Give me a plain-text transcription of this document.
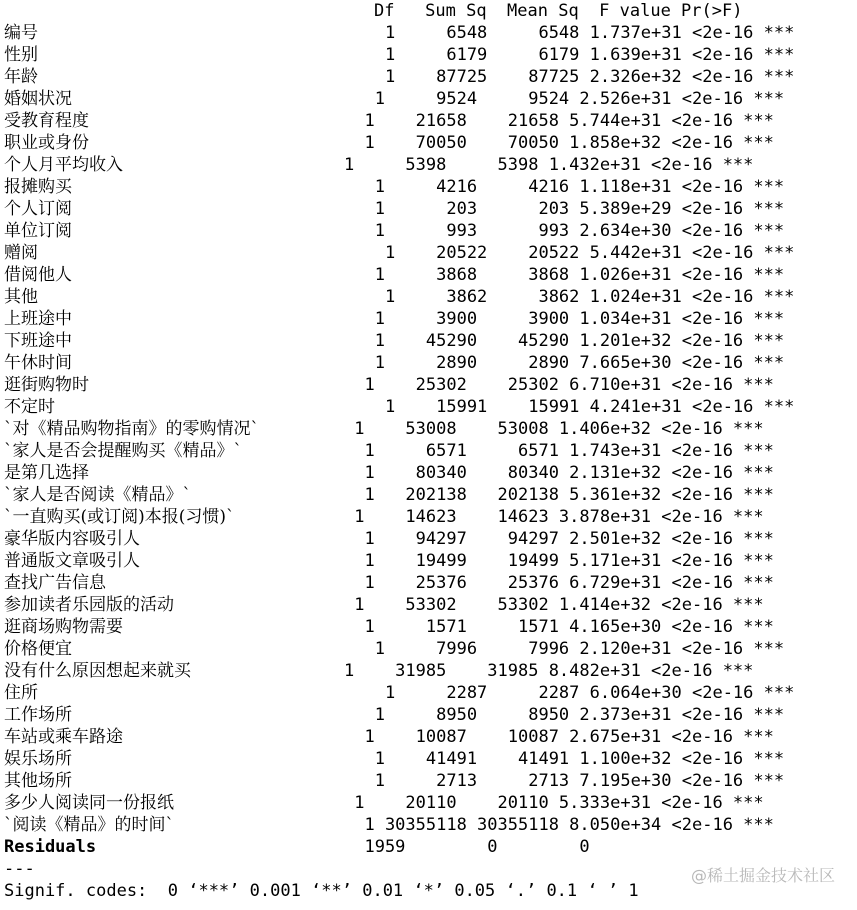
Df   Sum Sq  Mean Sq  F value Pr(>F)
编号	1     6548     6548 1.737e+31 <2e-16 ***
性别	1     6179     6179 1.639e+31 <2e-16 ***
年龄	1    87725    87725 2.326e+32 <2e-16 ***
婚姻状况	1     9524     9524 2.526e+31 <2e-16 ***
受教育程度	1    21658    21658 5.744e+31 <2e-16 ***
职业或身份	1    70050    70050 1.858e+32 <2e-16 ***
个人月平均收入	1     5398     5398 1.432e+31 <2e-16 ***
报摊购买	1     4216     4216 1.118e+31 <2e-16 ***
个人订阅	1      203      203 5.389e+29 <2e-16 ***
单位订阅	1      993      993 2.634e+30 <2e-16 ***
赠阅	1    20522    20522 5.442e+31 <2e-16 ***
借阅他人	1     3868     3868 1.026e+31 <2e-16 ***
其他	1     3862     3862 1.024e+31 <2e-16 ***
上班途中	1     3900     3900 1.034e+31 <2e-16 ***
下班途中	1    45290    45290 1.201e+32 <2e-16 ***
午休时间	1     2890     2890 7.665e+30 <2e-16 ***
逛街购物时	1    25302    25302 6.710e+31 <2e-16 ***
不定时	1    15991    15991 4.241e+31 <2e-16 ***
`对《精品购物指南》的零购情况`	1    53008    53008 1.406e+32 <2e-16 ***
`家人是否会提醒购买《精品》`	1     6571     6571 1.743e+31 <2e-16 ***
是第几选择	1    80340    80340 2.131e+32 <2e-16 ***
`家人是否阅读《精品》`	1   202138   202138 5.361e+32 <2e-16 ***
`一直购买(或订阅)本报(习惯)`	1    14623    14623 3.878e+31 <2e-16 ***
豪华版内容吸引人	1    94297    94297 2.501e+32 <2e-16 ***
普通版文章吸引人	1    19499    19499 5.171e+31 <2e-16 ***
查找广告信息	1    25376    25376 6.729e+31 <2e-16 ***
参加读者乐园版的活动	1    53302    53302 1.414e+32 <2e-16 ***
逛商场购物需要	1     1571     1571 4.165e+30 <2e-16 ***
价格便宜	1     7996     7996 2.120e+31 <2e-16 ***
没有什么原因想起来就买	1    31985    31985 8.482e+31 <2e-16 ***
住所	1     2287     2287 6.064e+30 <2e-16 ***
工作场所	1     8950     8950 2.373e+31 <2e-16 ***
车站或乘车路途	1    10087    10087 2.675e+31 <2e-16 ***
娱乐场所	1    41491    41491 1.100e+32 <2e-16 ***
其他场所	1     2713     2713 7.195e+30 <2e-16 ***
多少人阅读同一份报纸	1    20110    20110 5.333e+31 <2e-16 ***
`阅读《精品》的时间`	1 30355118 30355118 8.050e+34 <2e-16 ***
Residuals	1959        0        0
---
Signif. codes:  0 ‘***’ 0.001 ‘**’ 0.01 ‘*’ 0.05 ‘.’ 0.1 ‘ ’ 1
@稀土掘金技术社区
